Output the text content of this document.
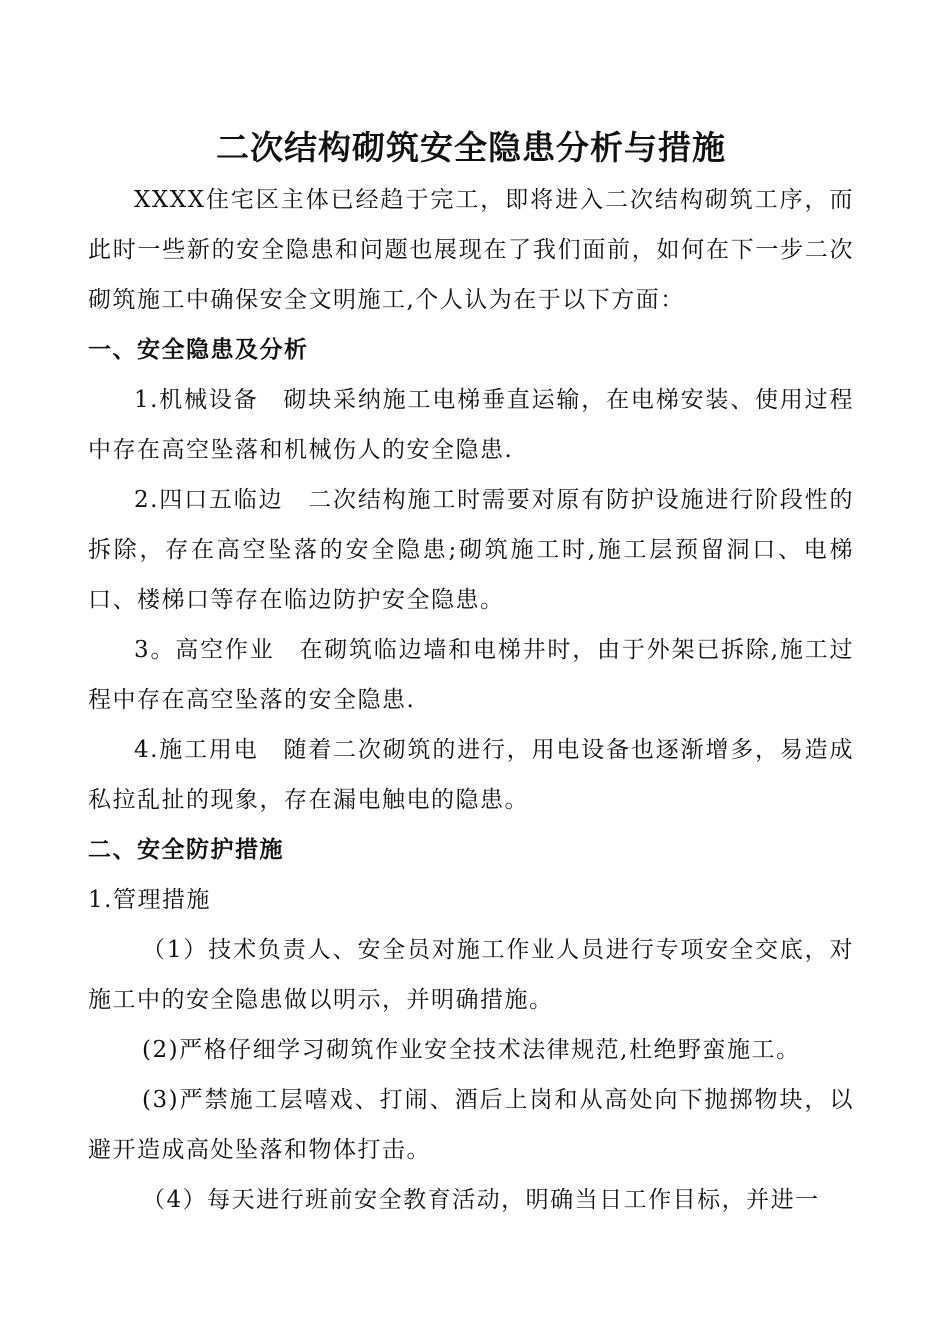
二次结构砌筑安全隐患分析与措施

XXXX住宅区主体已经趋于完工，即将进入二次结构砌筑工序，而此时一些新的安全隐患和问题也展现在了我们面前，如何在下一步二次砌筑施工中确保安全文明施工,个人认为在于以下方面：

一、安全隐患及分析

1.机械设备　砌块采纳施工电梯垂直运输，在电梯安装、使用过程中存在高空坠落和机械伤人的安全隐患.

2.四口五临边　二次结构施工时需要对原有防护设施进行阶段性的拆除，存在高空坠落的安全隐患;砌筑施工时,施工层预留洞口、电梯口、楼梯口等存在临边防护安全隐患。

3。高空作业　在砌筑临边墙和电梯井时，由于外架已拆除,施工过程中存在高空坠落的安全隐患.

4.施工用电　随着二次砌筑的进行，用电设备也逐渐增多，易造成私拉乱扯的现象，存在漏电触电的隐患。

二、安全防护措施

1.管理措施

（1）技术负责人、安全员对施工作业人员进行专项安全交底，对施工中的安全隐患做以明示，并明确措施。

(2)严格仔细学习砌筑作业安全技术法律规范,杜绝野蛮施工。

(3)严禁施工层嘻戏、打闹、酒后上岗和从高处向下抛掷物块，以避开造成高处坠落和物体打击。

（4）每天进行班前安全教育活动，明确当日工作目标，并进一
